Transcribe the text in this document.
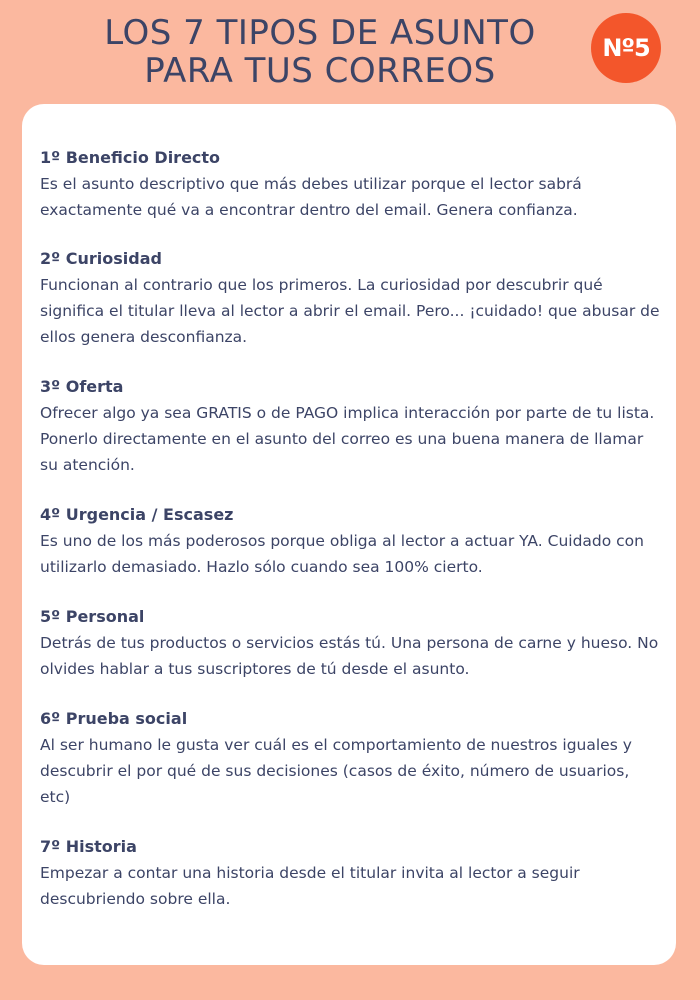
LOS 7 TIPOS DE ASUNTO
PARA TUS CORREOS
Nº5

1º Beneficio Directo

Es el asunto descriptivo que más debes utilizar porque el lector sabrá exactamente qué va a encontrar dentro del email. Genera confianza.

2º Curiosidad

Funcionan al contrario que los primeros. La curiosidad por descubrir qué significa el titular lleva al lector a abrir el email. Pero... ¡cuidado! que abusar de ellos genera desconfianza.

3º Oferta

Ofrecer algo ya sea GRATIS o de PAGO implica interacción por parte de tu lista. Ponerlo directamente en el asunto del correo es una buena manera de llamar su atención.

4º Urgencia / Escasez

Es uno de los más poderosos porque obliga al lector a actuar YA. Cuidado con utilizarlo demasiado. Hazlo sólo cuando sea 100% cierto.

5º Personal

Detrás de tus productos o servicios estás tú. Una persona de carne y hueso. No olvides hablar a tus suscriptores de tú desde el asunto.

6º Prueba social

Al ser humano le gusta ver cuál es el comportamiento de nuestros iguales y descubrir el por qué de sus decisiones (casos de éxito, número de usuarios, etc)

7º Historia

Empezar a contar una historia desde el titular invita al lector a seguir descubriendo sobre ella.
